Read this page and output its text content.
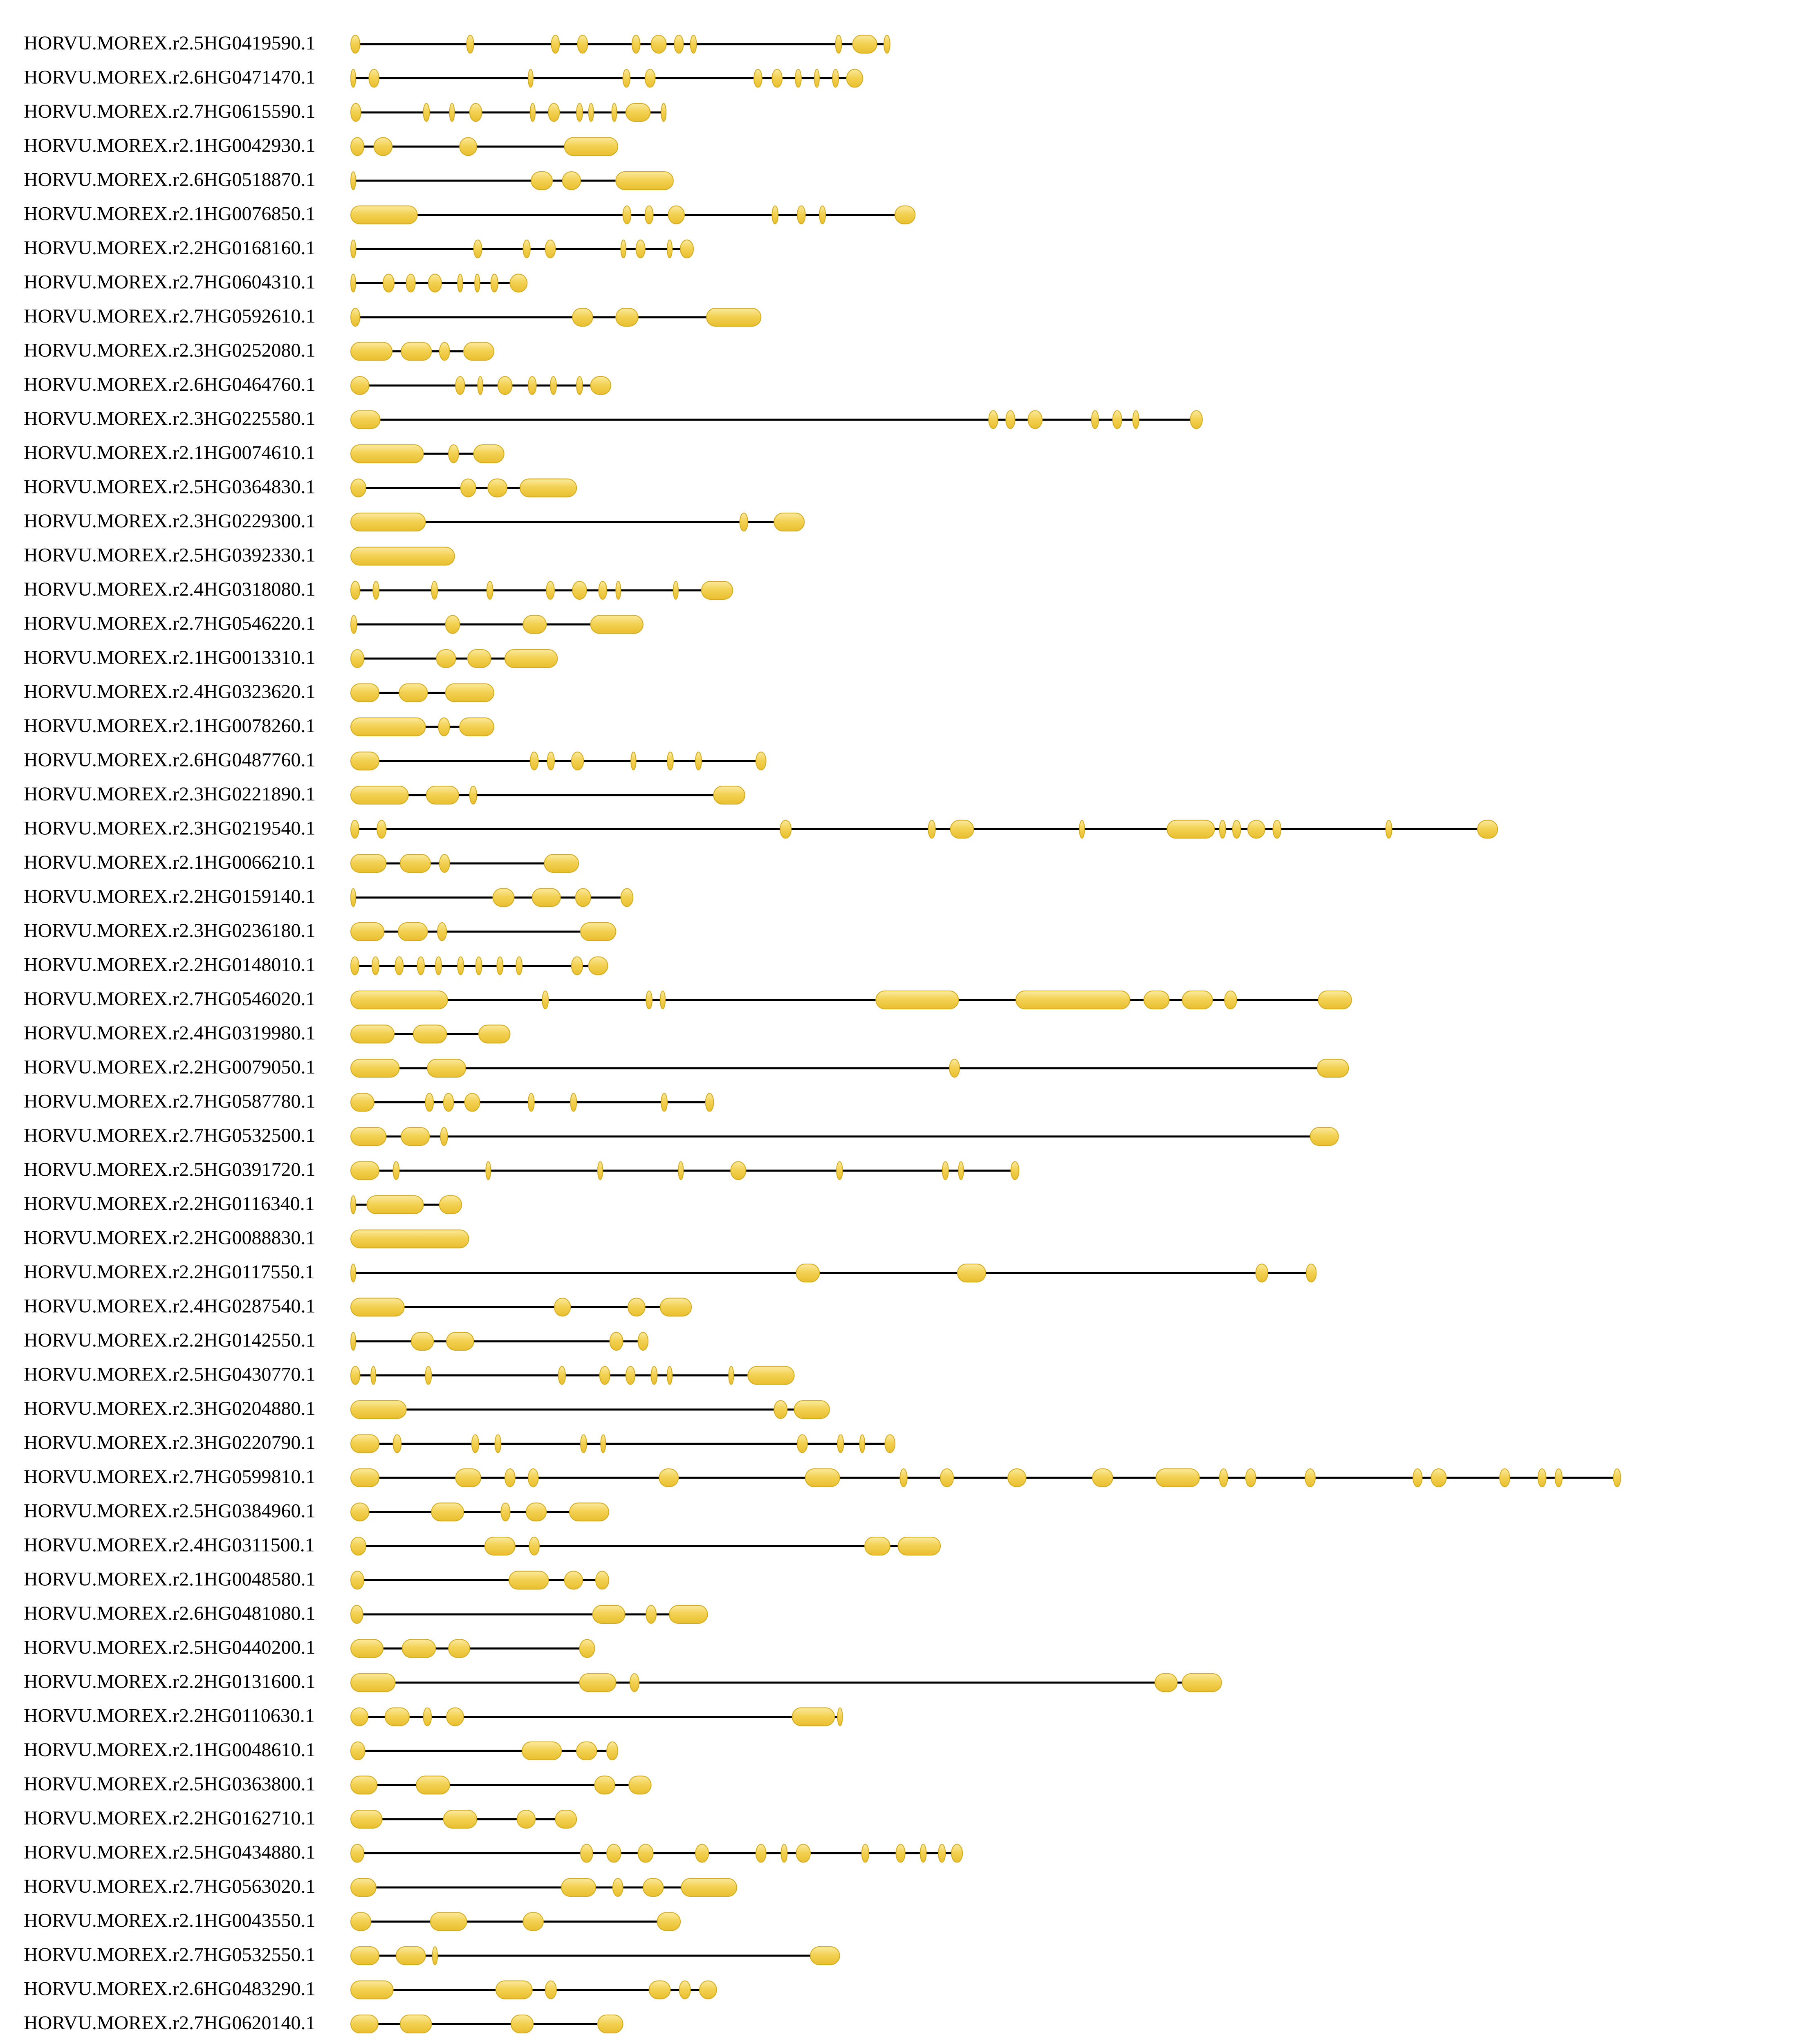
HORVU.MOREX.r2.5HG0419590.1
HORVU.MOREX.r2.6HG0471470.1
HORVU.MOREX.r2.7HG0615590.1
HORVU.MOREX.r2.1HG0042930.1
HORVU.MOREX.r2.6HG0518870.1
HORVU.MOREX.r2.1HG0076850.1
HORVU.MOREX.r2.2HG0168160.1
HORVU.MOREX.r2.7HG0604310.1
HORVU.MOREX.r2.7HG0592610.1
HORVU.MOREX.r2.3HG0252080.1
HORVU.MOREX.r2.6HG0464760.1
HORVU.MOREX.r2.3HG0225580.1
HORVU.MOREX.r2.1HG0074610.1
HORVU.MOREX.r2.5HG0364830.1
HORVU.MOREX.r2.3HG0229300.1
HORVU.MOREX.r2.5HG0392330.1
HORVU.MOREX.r2.4HG0318080.1
HORVU.MOREX.r2.7HG0546220.1
HORVU.MOREX.r2.1HG0013310.1
HORVU.MOREX.r2.4HG0323620.1
HORVU.MOREX.r2.1HG0078260.1
HORVU.MOREX.r2.6HG0487760.1
HORVU.MOREX.r2.3HG0221890.1
HORVU.MOREX.r2.3HG0219540.1
HORVU.MOREX.r2.1HG0066210.1
HORVU.MOREX.r2.2HG0159140.1
HORVU.MOREX.r2.3HG0236180.1
HORVU.MOREX.r2.2HG0148010.1
HORVU.MOREX.r2.7HG0546020.1
HORVU.MOREX.r2.4HG0319980.1
HORVU.MOREX.r2.2HG0079050.1
HORVU.MOREX.r2.7HG0587780.1
HORVU.MOREX.r2.7HG0532500.1
HORVU.MOREX.r2.5HG0391720.1
HORVU.MOREX.r2.2HG0116340.1
HORVU.MOREX.r2.2HG0088830.1
HORVU.MOREX.r2.2HG0117550.1
HORVU.MOREX.r2.4HG0287540.1
HORVU.MOREX.r2.2HG0142550.1
HORVU.MOREX.r2.5HG0430770.1
HORVU.MOREX.r2.3HG0204880.1
HORVU.MOREX.r2.3HG0220790.1
HORVU.MOREX.r2.7HG0599810.1
HORVU.MOREX.r2.5HG0384960.1
HORVU.MOREX.r2.4HG0311500.1
HORVU.MOREX.r2.1HG0048580.1
HORVU.MOREX.r2.6HG0481080.1
HORVU.MOREX.r2.5HG0440200.1
HORVU.MOREX.r2.2HG0131600.1
HORVU.MOREX.r2.2HG0110630.1
HORVU.MOREX.r2.1HG0048610.1
HORVU.MOREX.r2.5HG0363800.1
HORVU.MOREX.r2.2HG0162710.1
HORVU.MOREX.r2.5HG0434880.1
HORVU.MOREX.r2.7HG0563020.1
HORVU.MOREX.r2.1HG0043550.1
HORVU.MOREX.r2.7HG0532550.1
HORVU.MOREX.r2.6HG0483290.1
HORVU.MOREX.r2.7HG0620140.1
